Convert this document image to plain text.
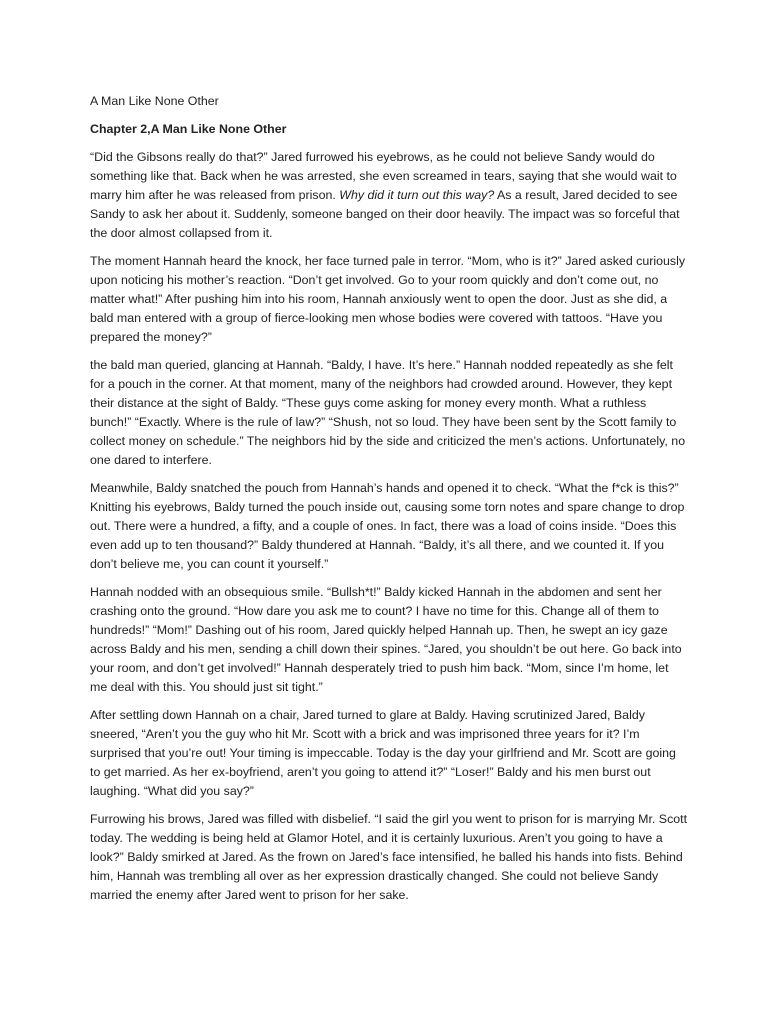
A Man Like None Other
Chapter 2,A Man Like None Other

“Did the Gibsons really do that?” Jared furrowed his eyebrows, as he could not believe Sandy would do something like that. Back when he was arrested, she even screamed in tears, saying that she would wait to marry him after he was released from prison. Why did it turn out this way? As a result, Jared decided to see Sandy to ask her about it. Suddenly, someone banged on their door heavily. The impact was so forceful that the door almost collapsed from it.

The moment Hannah heard the knock, her face turned pale in terror. “Mom, who is it?” Jared asked curiously upon noticing his mother’s reaction. “Don’t get involved. Go to your room quickly and don’t come out, no matter what!” After pushing him into his room, Hannah anxiously went to open the door. Just as she did, a bald man entered with a group of fierce-looking men whose bodies were covered with tattoos. “Have you prepared the money?”

the bald man queried, glancing at Hannah. “Baldy, I have. It’s here.” Hannah nodded repeatedly as she felt for a pouch in the corner. At that moment, many of the neighbors had crowded around. However, they kept their distance at the sight of Baldy. “These guys come asking for money every month. What a ruthless bunch!” “Exactly. Where is the rule of law?” “Shush, not so loud. They have been sent by the Scott family to collect money on schedule.” The neighbors hid by the side and criticized the men’s actions. Unfortunately, no one dared to interfere.

Meanwhile, Baldy snatched the pouch from Hannah’s hands and opened it to check. “What the f*ck is this?” Knitting his eyebrows, Baldy turned the pouch inside out, causing some torn notes and spare change to drop out. There were a hundred, a fifty, and a couple of ones. In fact, there was a load of coins inside. “Does this even add up to ten thousand?” Baldy thundered at Hannah. “Baldy, it’s all there, and we counted it. If you don’t believe me, you can count it yourself.”

Hannah nodded with an obsequious smile. “Bullsh*t!” Baldy kicked Hannah in the abdomen and sent her crashing onto the ground. “How dare you ask me to count? I have no time for this. Change all of them to hundreds!” “Mom!” Dashing out of his room, Jared quickly helped Hannah up. Then, he swept an icy gaze across Baldy and his men, sending a chill down their spines. “Jared, you shouldn’t be out here. Go back into your room, and don’t get involved!” Hannah desperately tried to push him back. “Mom, since I’m home, let me deal with this. You should just sit tight.”

After settling down Hannah on a chair, Jared turned to glare at Baldy. Having scrutinized Jared, Baldy sneered, “Aren’t you the guy who hit Mr. Scott with a brick and was imprisoned three years for it? I’m surprised that you’re out! Your timing is impeccable. Today is the day your girlfriend and Mr. Scott are going to get married. As her ex-boyfriend, aren’t you going to attend it?” “Loser!” Baldy and his men burst out laughing. “What did you say?”

Furrowing his brows, Jared was filled with disbelief. “I said the girl you went to prison for is marrying Mr. Scott today. The wedding is being held at Glamor Hotel, and it is certainly luxurious. Aren’t you going to have a look?” Baldy smirked at Jared. As the frown on Jared’s face intensified, he balled his hands into fists. Behind him, Hannah was trembling all over as her expression drastically changed. She could not believe Sandy married the enemy after Jared went to prison for her sake.
